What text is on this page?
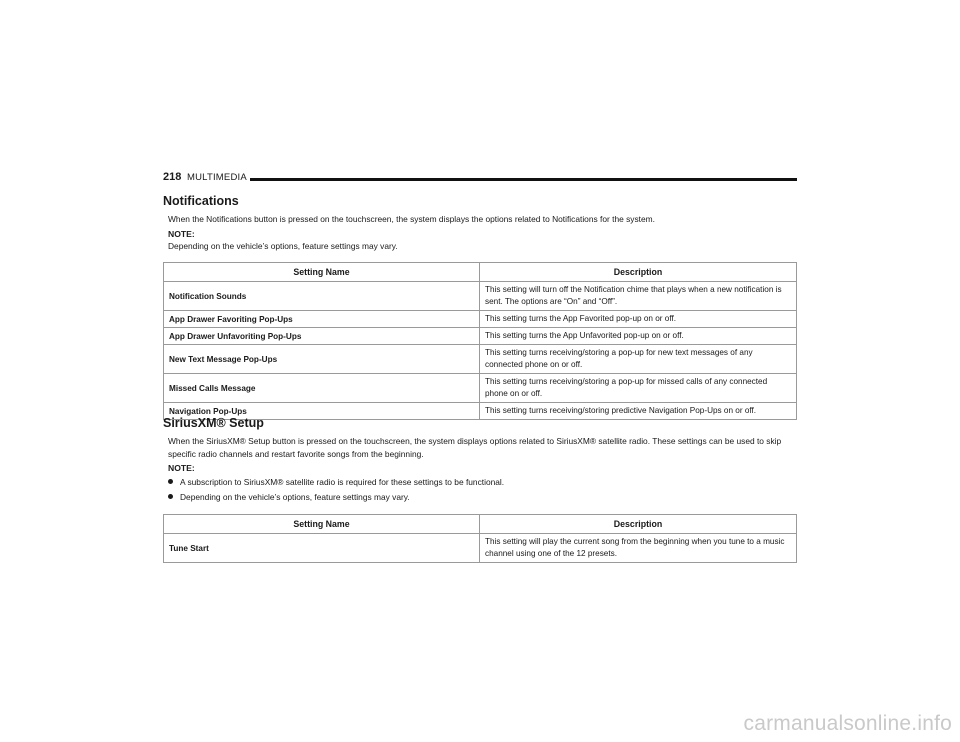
218 MULTIMEDIA
Notifications
When the Notifications button is pressed on the touchscreen, the system displays the options related to Notifications for the system.
NOTE:
Depending on the vehicle’s options, feature settings may vary.
Setting Name	Description
Notification Sounds	This setting will turn off the Notification chime that plays when a new notification is sent. The options are “On” and “Off”.
App Drawer Favoriting Pop-Ups	This setting turns the App Favorited pop-up on or off.
App Drawer Unfavoriting Pop-Ups	This setting turns the App Unfavorited pop-up on or off.
New Text Message Pop-Ups	This setting turns receiving/storing a pop-up for new text messages of any connected phone on or off.
Missed Calls Message	This setting turns receiving/storing a pop-up for missed calls of any connected phone on or off.
Navigation Pop-Ups	This setting turns receiving/storing predictive Navigation Pop-Ups on or off.
SiriusXM® Setup
When the SiriusXM® Setup button is pressed on the touchscreen, the system displays options related to SiriusXM® satellite radio. These settings can be used to skip specific radio channels and restart favorite songs from the beginning.
NOTE:
A subscription to SiriusXM® satellite radio is required for these settings to be functional.
Depending on the vehicle’s options, feature settings may vary.
Setting Name	Description
Tune Start	This setting will play the current song from the beginning when you tune to a music channel using one of the 12 presets.
carmanualsonline.info
